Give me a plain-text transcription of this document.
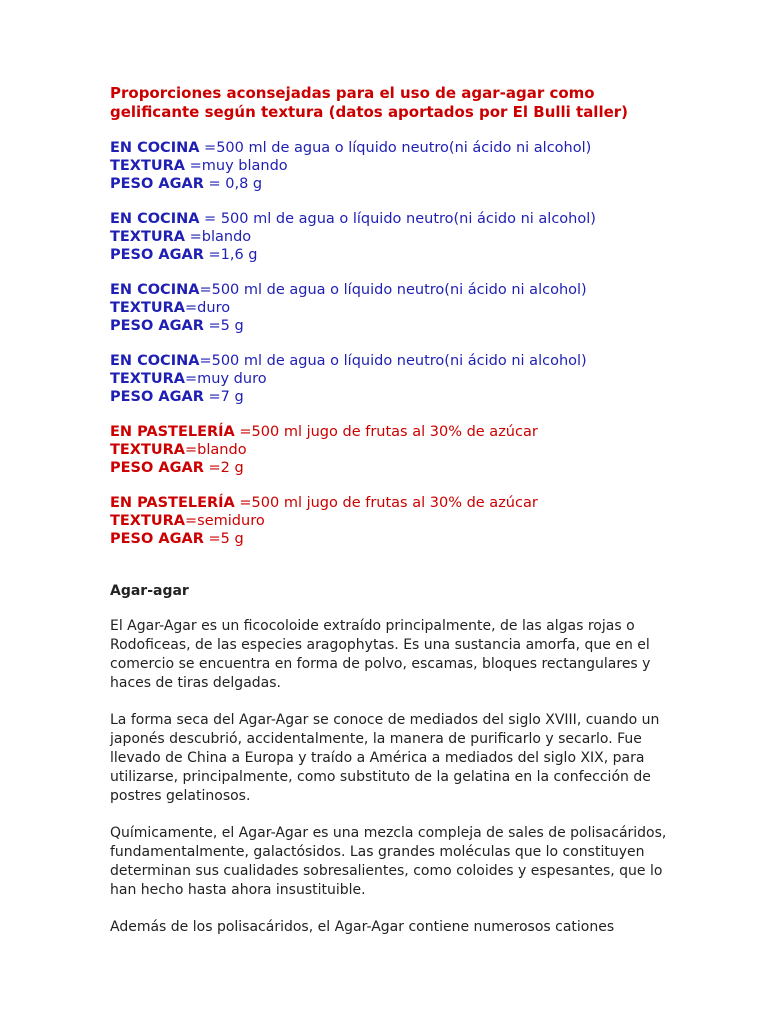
Proporciones aconsejadas para el uso de agar-agar como
gelificante según textura (datos aportados por El Bulli taller)
EN COCINA =500 ml de agua o líquido neutro(ni ácido ni alcohol)
TEXTURA =muy blando
PESO AGAR = 0,8 g
EN COCINA = 500 ml de agua o líquido neutro(ni ácido ni alcohol)
TEXTURA =blando
PESO AGAR =1,6 g
EN COCINA=500 ml de agua o líquido neutro(ni ácido ni alcohol)
TEXTURA=duro
PESO AGAR =5 g
EN COCINA=500 ml de agua o líquido neutro(ni ácido ni alcohol)
TEXTURA=muy duro
PESO AGAR =7 g
EN PASTELERÍA =500 ml jugo de frutas al 30% de azúcar
TEXTURA=blando
PESO AGAR =2 g
EN PASTELERÍA =500 ml jugo de frutas al 30% de azúcar
TEXTURA=semiduro
PESO AGAR =5 g
Agar-agar

El Agar-Agar es un ficocoloide extraído principalmente, de las algas rojas o Rodoficeas, de las especies aragophytas. Es una sustancia amorfa, que en el comercio se encuentra en forma de polvo, escamas, bloques rectangulares y haces de tiras delgadas.

La forma seca del Agar-Agar se conoce de mediados del siglo XVIII, cuando un japonés descubrió, accidentalmente, la manera de purificarlo y secarlo. Fue llevado de China a Europa y traído a América a mediados del siglo XIX, para utilizarse, principalmente, como substituto de la gelatina en la confección de postres gelatinosos.

Químicamente, el Agar-Agar es una mezcla compleja de sales de polisacáridos, fundamentalmente, galactósidos. Las grandes moléculas que lo constituyen determinan sus cualidades sobresalientes, como coloides y espesantes, que lo han hecho hasta ahora insustituible.

Además de los polisacáridos, el Agar-Agar contiene numerosos cationes
